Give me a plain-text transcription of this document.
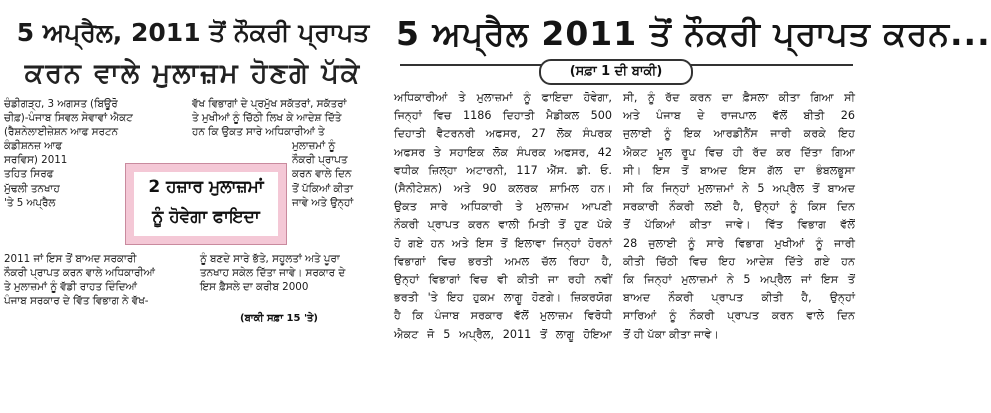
5 ਅਪ੍ਰੈਲ, 2011 ਤੋਂ ਨੌਕਰੀ ਪ੍ਰਾਪਤ
ਕਰਨ ਵਾਲੇ ਮੁਲਾਜ਼ਮ ਹੋਣਗੇ ਪੱਕੇ
ਚੰਡੀਗੜ੍ਹ, 3 ਅਗਸਤ (ਬਿਊਰੋ
ਚੀਫ਼)-ਪੰਜਾਬ ਸਿਵਲ ਸੇਵਾਵਾਂ ਐਕਟ
(ਰੈਸ਼ਨੇਲਾਈਜ਼ੇਸ਼ਨ ਆਫ ਸਰਟਨ
ਕੰਡੀਸ਼ਨਜ਼ ਆਫ
ਸਰਵਿਸ) 2011
ਤਹਿਤ ਸਿਰਫ
ਮੁੱਢਲੀ ਤਨਖਾਹ
'ਤੇ 5 ਅਪ੍ਰੈਲ
ਵੱਖ ਵਿਭਾਗਾਂ ਦੇ ਪ੍ਰਮੁੱਖ ਸਕੱਤਰਾਂ, ਸਕੱਤਰਾਂ
ਤੇ ਮੁਖੀਆਂ ਨੂੰ ਚਿੱਠੀ ਲਿਖ ਕੇ ਆਦੇਸ਼ ਦਿੱਤੇ
ਹਨ ਕਿ ਉਕਤ ਸਾਰੇ ਅਧਿਕਾਰੀਆਂ ਤੇ
ਮੁਲਾਜ਼ਮਾਂ ਨੂੰ
ਨੌਕਰੀ ਪ੍ਰਾਪਤ
ਕਰਨ ਵਾਲੇ ਦਿਨ
ਤੋਂ ਪੱਕਿਆਂ ਕੀਤਾ
ਜਾਵੇ ਅਤੇ ਉਨ੍ਹਾਂ
2011 ਜਾਂ ਇਸ ਤੋਂ ਬਾਅਦ ਸਰਕਾਰੀ
ਨੌਕਰੀ ਪ੍ਰਾਪਤ ਕਰਨ ਵਾਲੇ ਅਧਿਕਾਰੀਆਂ
ਤੇ ਮੁਲਾਜ਼ਮਾਂ ਨੂੰ ਵੱਡੀ ਰਾਹਤ ਦਿੰਦਿਆਂ
ਪੰਜਾਬ ਸਰਕਾਰ ਦੇ ਵਿੱਤ ਵਿਭਾਗ ਨੇ ਵੱਖ-
ਨੂੰ ਬਣਦੇ ਸਾਰੇ ਭੱਤੇ, ਸਹੂਲਤਾਂ ਅਤੇ ਪੂਰਾ
ਤਨਖਾਹ ਸਕੇਲ ਦਿੱਤਾ ਜਾਵੇ। ਸਰਕਾਰ ਦੇ
ਇਸ ਫ਼ੈਸਲੇ ਦਾ ਕਰੀਬ 2000
2 ਹਜ਼ਾਰ ਮੁਲਾਜ਼ਮਾਂ
ਨੂੰ ਹੋਵੇਗਾ ਫਾਇਦਾ
(ਬਾਕੀ ਸਫ਼ਾ 15 'ਤੇ)
5 ਅਪ੍ਰੈਲ 2011 ਤੋਂ ਨੌਕਰੀ ਪ੍ਰਾਪਤ ਕਰਨ...
(ਸਫ਼ਾ 1 ਦੀ ਬਾਕੀ)
ਅਧਿਕਾਰੀਆਂ ਤੇ ਮੁਲਾਜ਼ਮਾਂ ਨੂੰ ਫਾਇਦਾ ਹੋਵੇਗਾ,
ਜਿਨ੍ਹਾਂ ਵਿਚ 1186 ਦਿਹਾਤੀ ਮੈਡੀਕਲ 500
ਦਿਹਾਤੀ ਵੈਟਰਨਰੀ ਅਫਸਰ, 27 ਲੋਕ ਸੰਪਰਕ
ਅਫਸਰ ਤੇ ਸਹਾਇਕ ਲੋਕ ਸੰਪਰਕ ਅਫਸਰ, 42
ਵਧੀਕ ਜ਼ਿਲ੍ਹਾ ਅਟਾਰਨੀ, 117 ਐੱਸ. ਡੀ. ਓ.
(ਸੈਨੀਟੇਸ਼ਨ) ਅਤੇ 90 ਕਲਰਕ ਸ਼ਾਮਿਲ ਹਨ।
ਉਕਤ ਸਾਰੇ ਅਧਿਕਾਰੀ ਤੇ ਮੁਲਾਜ਼ਮ ਆਪਣੀ
ਨੌਕਰੀ ਪ੍ਰਾਪਤ ਕਰਨ ਵਾਲੀ ਮਿਤੀ ਤੋਂ ਹੁਣ ਪੱਕੇ
ਹੋ ਗਏ ਹਨ ਅਤੇ ਇਸ ਤੋਂ ਇਲਾਵਾ ਜਿਨ੍ਹਾਂ ਹੋਰਨਾਂ
ਵਿਭਾਗਾਂ ਵਿਚ ਭਰਤੀ ਅਮਲ ਚੱਲ ਰਿਹਾ ਹੈ,
ਉਨ੍ਹਾਂ ਵਿਭਾਗਾਂ ਵਿਚ ਵੀ ਕੀਤੀ ਜਾ ਰਹੀ ਨਵੀਂ
ਭਰਤੀ 'ਤੇ ਇਹ ਹੁਕਮ ਲਾਗੂ ਹੋਣਗੇ। ਜ਼ਿਕਰਯੋਗ
ਹੈ ਕਿ ਪੰਜਾਬ ਸਰਕਾਰ ਵੱਲੋਂ ਮੁਲਾਜ਼ਮ ਵਿਰੋਧੀ
ਐਕਟ ਜੋ 5 ਅਪ੍ਰੈਲ, 2011 ਤੋਂ ਲਾਗੂ ਹੋਇਆ
ਸੀ, ਨੂੰ ਰੱਦ ਕਰਨ ਦਾ ਫ਼ੈਸਲਾ ਕੀਤਾ ਗਿਆ ਸੀ
ਅਤੇ ਪੰਜਾਬ ਦੇ ਰਾਜਪਾਲ ਵੱਲੋਂ ਬੀਤੀ 26
ਜੁਲਾਈ ਨੂੰ ਇਕ ਆਰਡੀਨੈਂਸ ਜਾਰੀ ਕਰਕੇ ਇਹ
ਐਕਟ ਮੂਲ ਰੂਪ ਵਿਚ ਹੀ ਰੱਦ ਕਰ ਦਿੱਤਾ ਗਿਆ
ਸੀ। ਇਸ ਤੋਂ ਬਾਅਦ ਇਸ ਗੱਲ ਦਾ ਭੰਬਲਭੂਸਾ
ਸੀ ਕਿ ਜਿਨ੍ਹਾਂ ਮੁਲਾਜ਼ਮਾਂ ਨੇ 5 ਅਪ੍ਰੈਲ ਤੋਂ ਬਾਅਦ
ਸਰਕਾਰੀ ਨੌਕਰੀ ਲਈ ਹੈ, ਉਨ੍ਹਾਂ ਨੂੰ ਕਿਸ ਦਿਨ
ਤੋਂ ਪੱਕਿਆਂ ਕੀਤਾ ਜਾਵੇ। ਵਿੱਤ ਵਿਭਾਗ ਵੱਲੋਂ
28 ਜੁਲਾਈ ਨੂੰ ਸਾਰੇ ਵਿਭਾਗ ਮੁਖੀਆਂ ਨੂੰ ਜਾਰੀ
ਕੀਤੀ ਚਿੱਠੀ ਵਿਚ ਇਹ ਆਦੇਸ਼ ਦਿੱਤੇ ਗਏ ਹਨ
ਕਿ ਜਿਨ੍ਹਾਂ ਮੁਲਾਜ਼ਮਾਂ ਨੇ 5 ਅਪ੍ਰੈਲ ਜਾਂ ਇਸ ਤੋਂ
ਬਾਅਦ ਨੌਕਰੀ ਪ੍ਰਾਪਤ ਕੀਤੀ ਹੈ, ਉਨ੍ਹਾਂ
ਸਾਰਿਆਂ ਨੂੰ ਨੌਕਰੀ ਪ੍ਰਾਪਤ ਕਰਨ ਵਾਲੇ ਦਿਨ
ਤੋਂ ਹੀ ਪੱਕਾ ਕੀਤਾ ਜਾਵੇ।
